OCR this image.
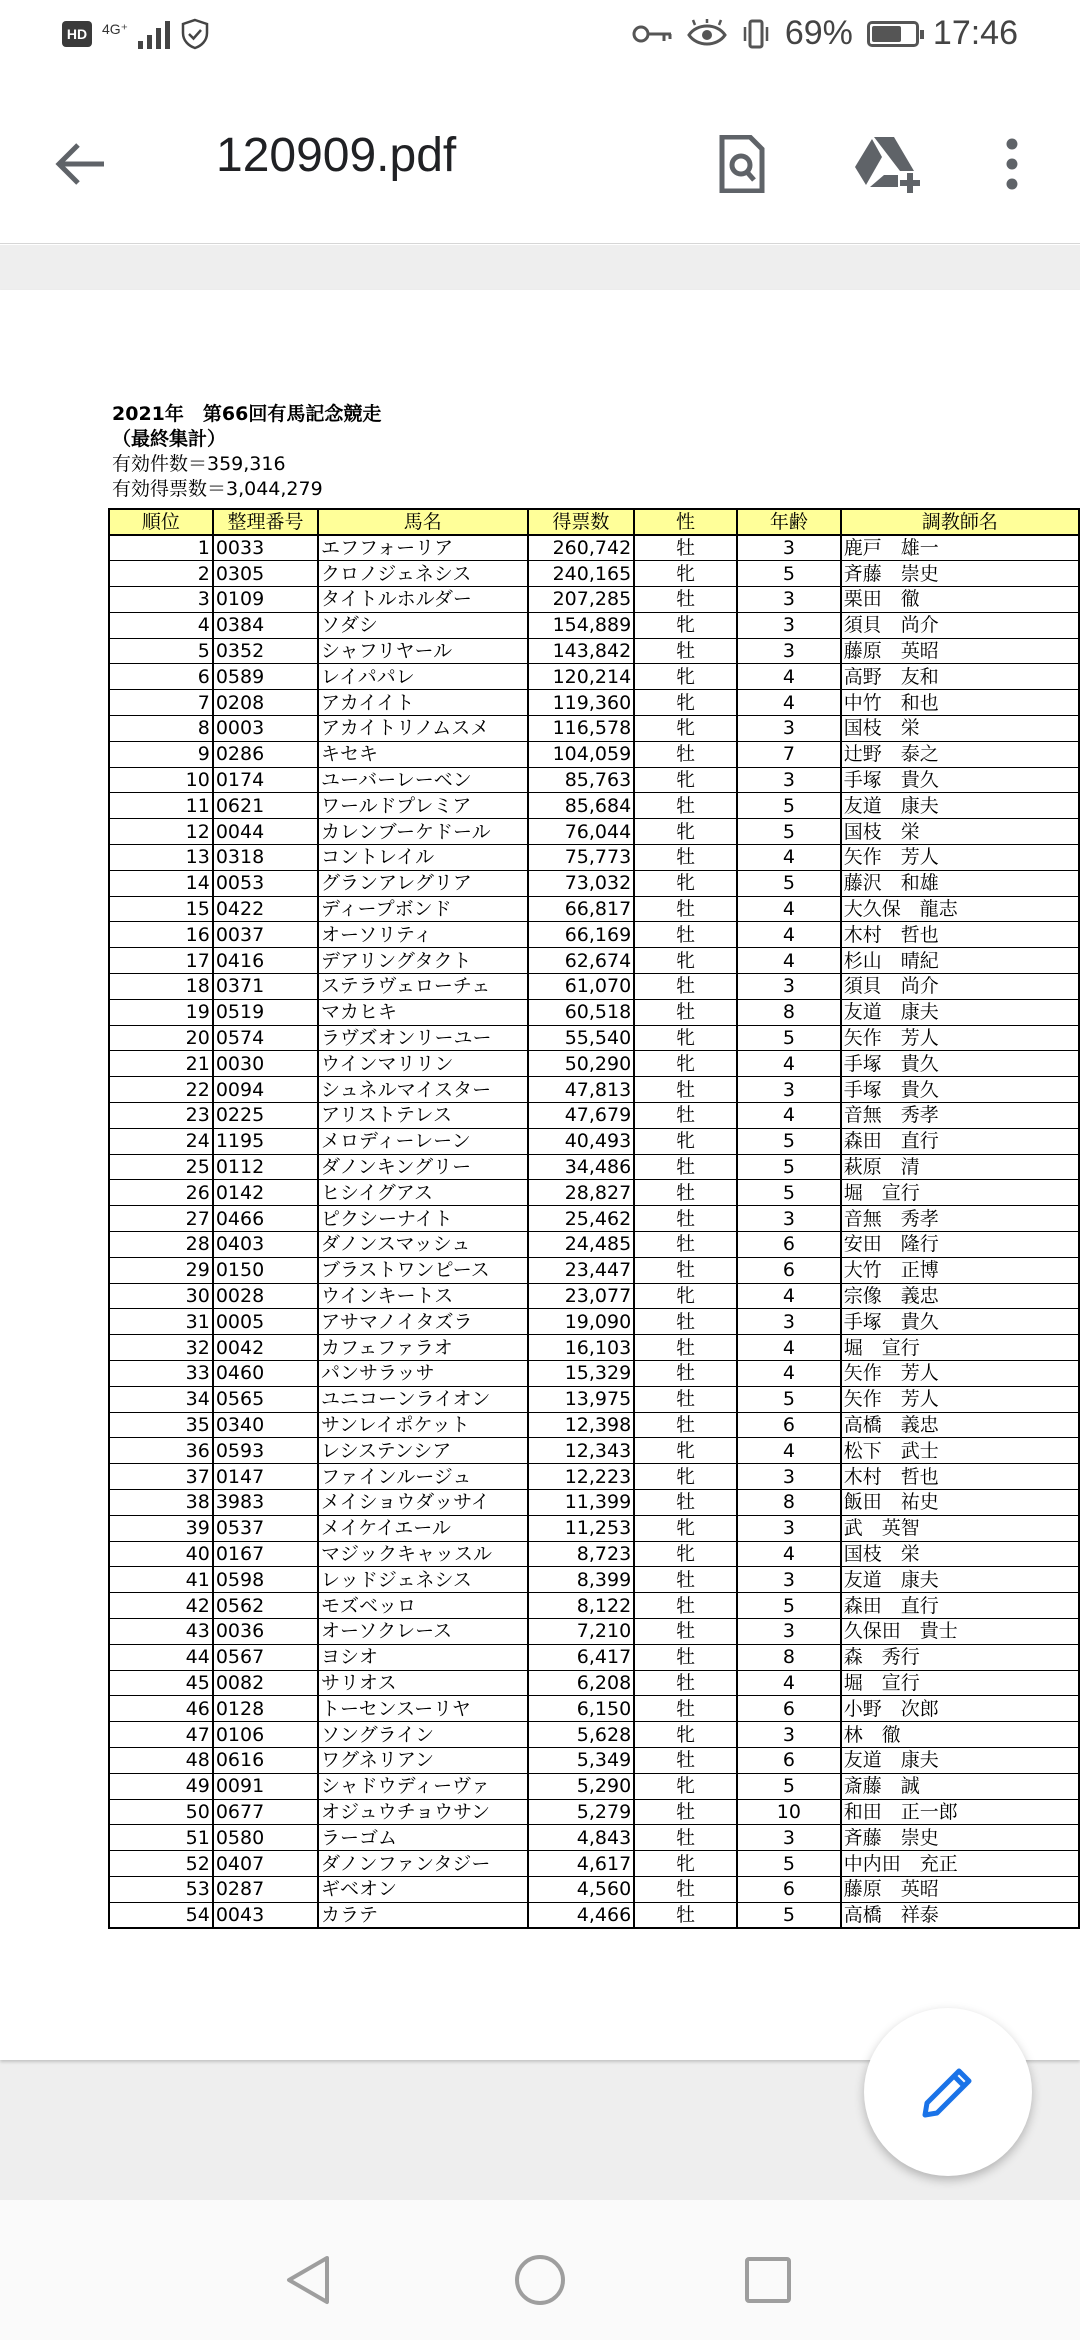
HD	4G⁺	69% 17:46
120909.pdf
2021年　第66回有馬記念競走
（最終集計）
有効件数＝359,316
有効得票数＝3,044,279
順位	整理番号	馬名	得票数	性	年齢	調教師名
1	0033	エフフォーリア	260,742	牡	3	鹿戸　雄一
2	0305	クロノジェネシス	240,165	牝	5	斉藤　崇史
3	0109	タイトルホルダー	207,285	牡	3	栗田　徹
4	0384	ソダシ	154,889	牝	3	須貝　尚介
5	0352	シャフリヤール	143,842	牡	3	藤原　英昭
6	0589	レイパパレ	120,214	牝	4	高野　友和
7	0208	アカイイト	119,360	牝	4	中竹　和也
8	0003	アカイトリノムスメ	116,578	牝	3	国枝　栄
9	0286	キセキ	104,059	牡	7	辻野　泰之
10	0174	ユーバーレーベン	85,763	牝	3	手塚　貴久
11	0621	ワールドプレミア	85,684	牡	5	友道　康夫
12	0044	カレンブーケドール	76,044	牝	5	国枝　栄
13	0318	コントレイル	75,773	牡	4	矢作　芳人
14	0053	グランアレグリア	73,032	牝	5	藤沢　和雄
15	0422	ディープボンド	66,817	牡	4	大久保　龍志
16	0037	オーソリティ	66,169	牡	4	木村　哲也
17	0416	デアリングタクト	62,674	牝	4	杉山　晴紀
18	0371	ステラヴェローチェ	61,070	牡	3	須貝　尚介
19	0519	マカヒキ	60,518	牡	8	友道　康夫
20	0574	ラヴズオンリーユー	55,540	牝	5	矢作　芳人
21	0030	ウインマリリン	50,290	牝	4	手塚　貴久
22	0094	シュネルマイスター	47,813	牡	3	手塚　貴久
23	0225	アリストテレス	47,679	牡	4	音無　秀孝
24	1195	メロディーレーン	40,493	牝	5	森田　直行
25	0112	ダノンキングリー	34,486	牡	5	萩原　清
26	0142	ヒシイグアス	28,827	牡	5	堀　宣行
27	0466	ピクシーナイト	25,462	牡	3	音無　秀孝
28	0403	ダノンスマッシュ	24,485	牡	6	安田　隆行
29	0150	ブラストワンピース	23,447	牡	6	大竹　正博
30	0028	ウインキートス	23,077	牝	4	宗像　義忠
31	0005	アサマノイタズラ	19,090	牡	3	手塚　貴久
32	0042	カフェファラオ	16,103	牡	4	堀　宣行
33	0460	パンサラッサ	15,329	牡	4	矢作　芳人
34	0565	ユニコーンライオン	13,975	牡	5	矢作　芳人
35	0340	サンレイポケット	12,398	牡	6	高橋　義忠
36	0593	レシステンシア	12,343	牝	4	松下　武士
37	0147	ファインルージュ	12,223	牝	3	木村　哲也
38	3983	メイショウダッサイ	11,399	牡	8	飯田　祐史
39	0537	メイケイエール	11,253	牝	3	武　英智
40	0167	マジックキャッスル	8,723	牝	4	国枝　栄
41	0598	レッドジェネシス	8,399	牡	3	友道　康夫
42	0562	モズベッロ	8,122	牡	5	森田　直行
43	0036	オーソクレース	7,210	牡	3	久保田　貴士
44	0567	ヨシオ	6,417	牡	8	森　秀行
45	0082	サリオス	6,208	牡	4	堀　宣行
46	0128	トーセンスーリヤ	6,150	牡	6	小野　次郎
47	0106	ソングライン	5,628	牝	3	林　徹
48	0616	ワグネリアン	5,349	牡	6	友道　康夫
49	0091	シャドウディーヴァ	5,290	牝	5	斎藤　誠
50	0677	オジュウチョウサン	5,279	牡	10	和田　正一郎
51	0580	ラーゴム	4,843	牡	3	斉藤　崇史
52	0407	ダノンファンタジー	4,617	牝	5	中内田　充正
53	0287	ギベオン	4,560	牡	6	藤原　英昭
54	0043	カラテ	4,466	牡	5	高橋　祥泰
